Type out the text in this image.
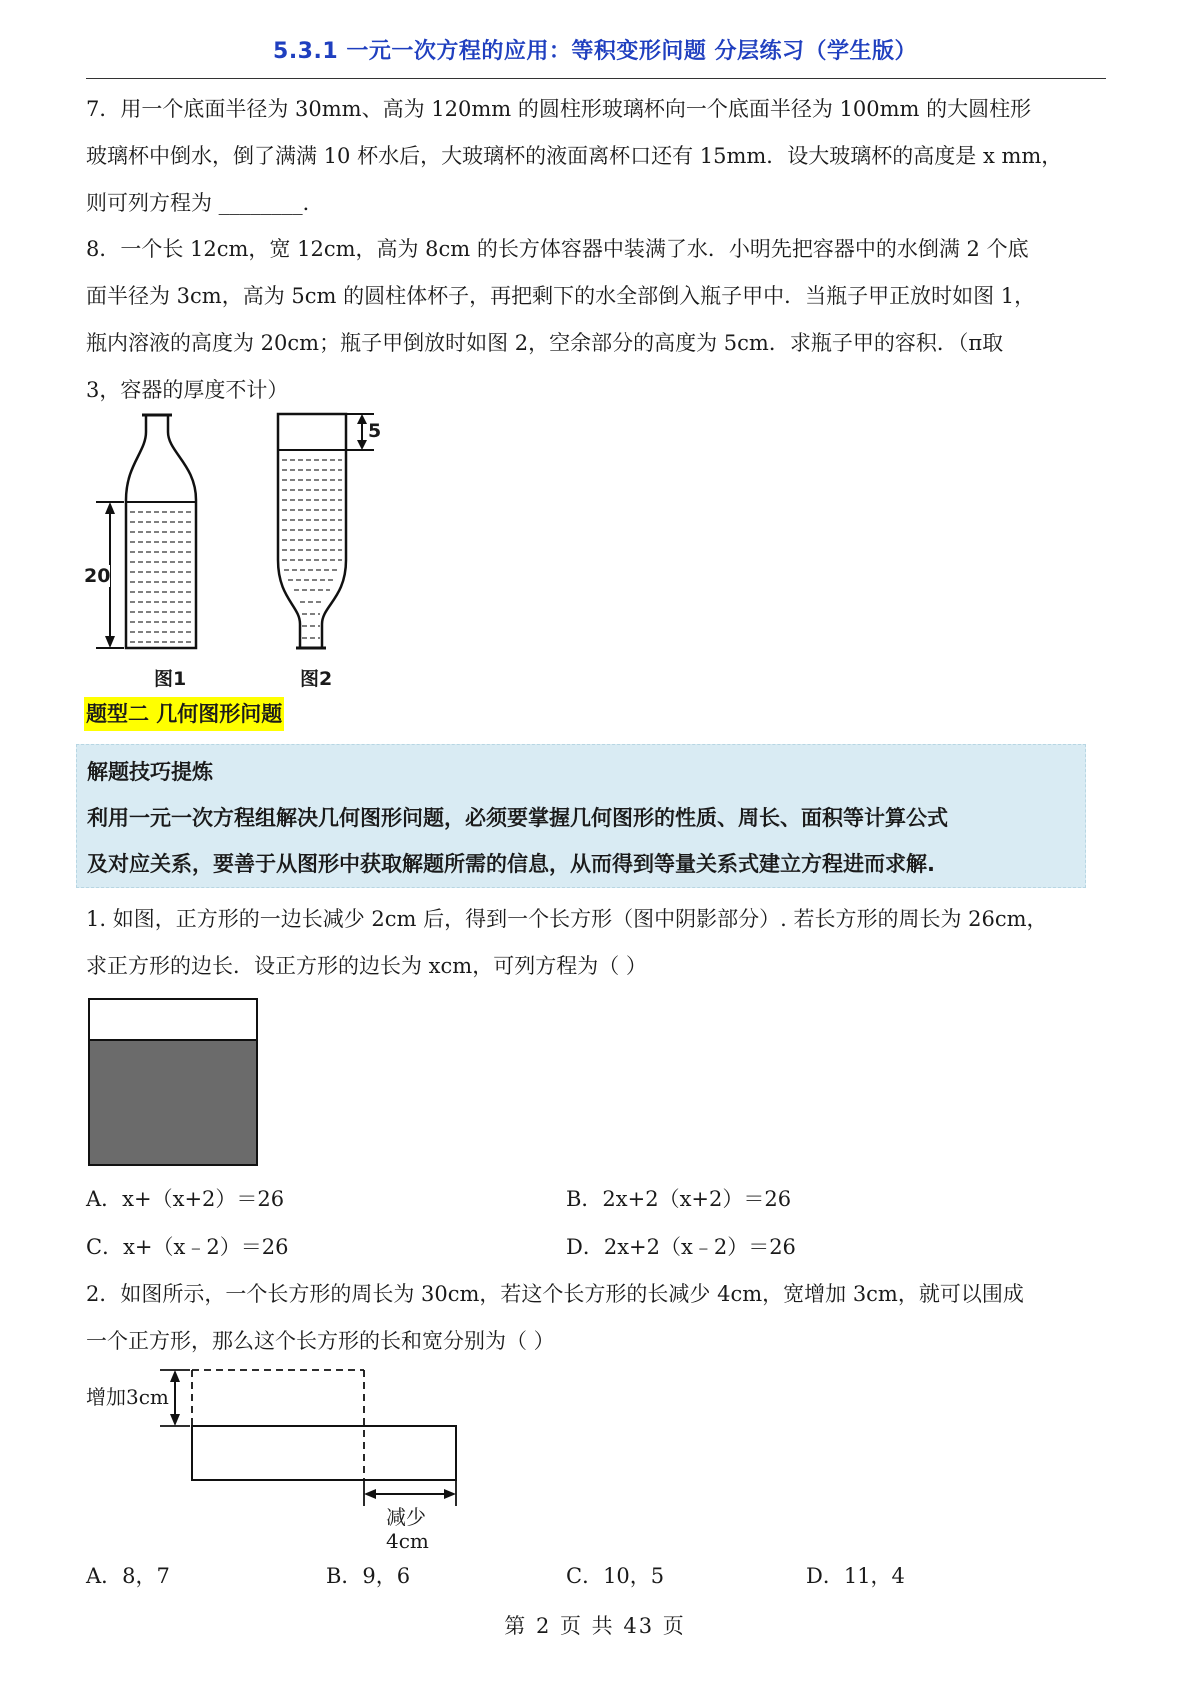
5.3.1 一元一次方程的应用：等积变形问题 分层练习（学生版）
7．用一个底面半径为 30mm、高为 120mm 的圆柱形玻璃杯向一个底面半径为 100mm 的大圆柱形
玻璃杯中倒水，倒了满满 10 杯水后，大玻璃杯的液面离杯口还有 15mm．设大玻璃杯的高度是 x mm，
则可列方程为 ________．
8．一个长 12cm，宽 12cm，高为 8cm 的长方体容器中装满了水．小明先把容器中的水倒满 2 个底
面半径为 3cm，高为 5cm 的圆柱体杯子，再把剩下的水全部倒入瓶子甲中．当瓶子甲正放时如图 1，
瓶内溶液的高度为 20cm；瓶子甲倒放时如图 2，空余部分的高度为 5cm．求瓶子甲的容积．（π取
3，容器的厚度不计）
20
5
图1	图2
题型二 几何图形问题
解题技巧提炼
利用一元一次方程组解决几何图形问题，必须要掌握几何图形的性质、周长、面积等计算公式
及对应关系，要善于从图形中获取解题所需的信息，从而得到等量关系式建立方程进而求解.
1. 如图，正方形的一边长减少 2cm 后，得到一个长方形（图中阴影部分）. 若长方形的周长为 26cm，
求正方形的边长．设正方形的边长为 xcm，可列方程为（ ）
A．x+（x+2）＝26	B．2x+2（x+2）＝26
C．x+（x﹣2）＝26	D．2x+2（x﹣2）＝26
2．如图所示，一个长方形的周长为 30cm，若这个长方形的长减少 4cm，宽增加 3cm，就可以围成
一个正方形，那么这个长方形的长和宽分别为（ ）
增加3cm
减少
4cm
A．8，7	B．9，6	C．10，5	D．11，4
第 2 页 共 43 页
